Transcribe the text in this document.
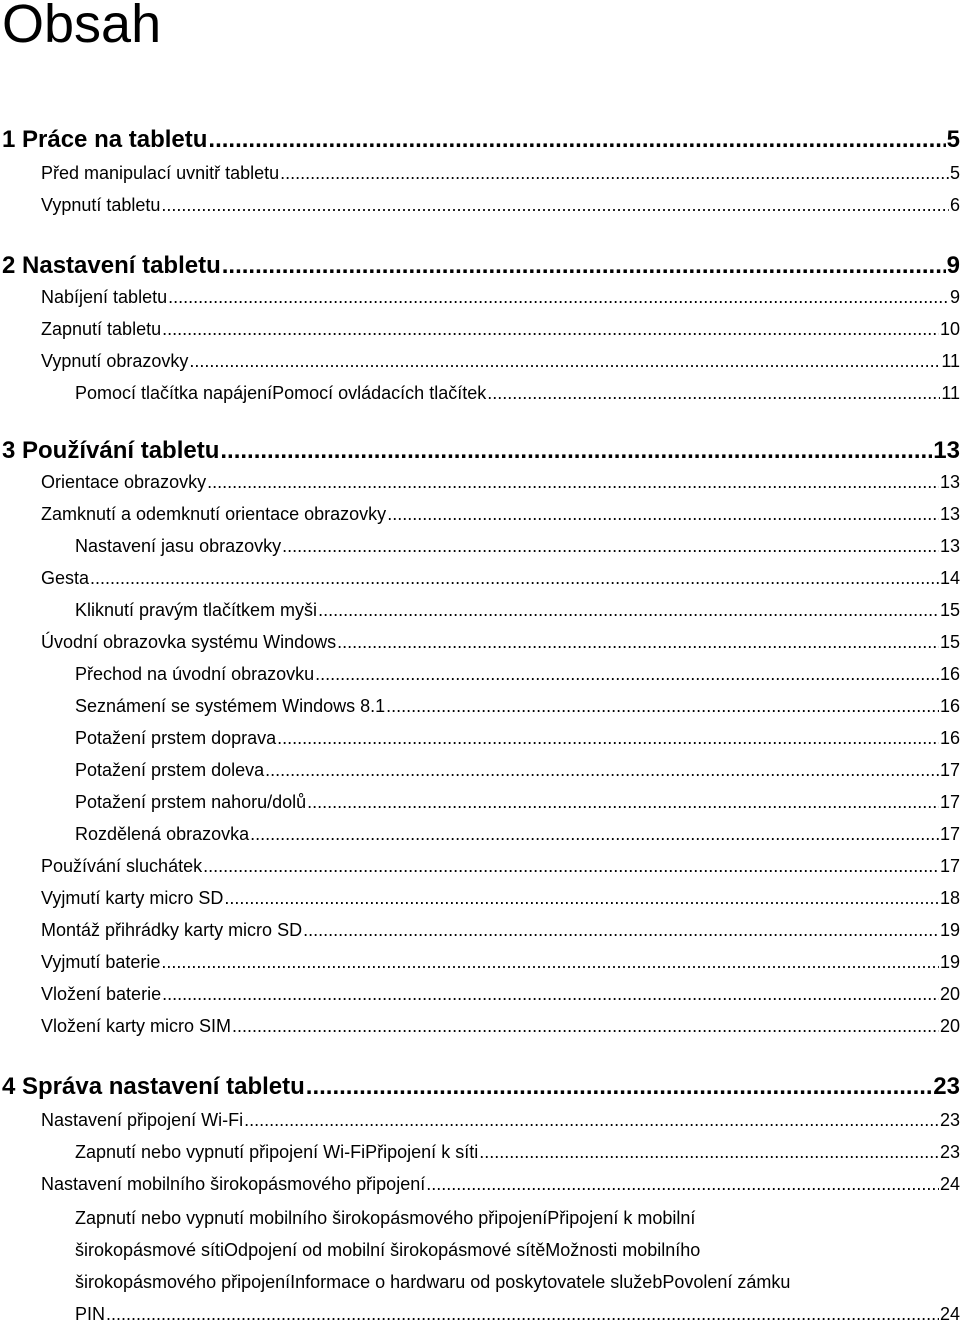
Obsah
1 Práce na tabletu .....	5
Před manipulací uvnitř tabletu .....	5
Vypnutí tabletu .....	6
2 Nastavení tabletu .....	9
Nabíjení tabletu .....	9
Zapnutí tabletu .....	10
Vypnutí obrazovky .....	11
Pomocí tlačítka napájeníPomocí ovládacích tlačítek .....	11
3 Používání tabletu .....	13
Orientace obrazovky .....	13
Zamknutí a odemknutí orientace obrazovky .....	13
Nastavení jasu obrazovky .....	13
Gesta .....	14
Kliknutí pravým tlačítkem myši .....	15
Úvodní obrazovka systému Windows .....	15
Přechod na úvodní obrazovku .....	16
Seznámení se systémem Windows 8.1 .....	16
Potažení prstem doprava .....	16
Potažení prstem doleva .....	17
Potažení prstem nahoru/dolů .....	17
Rozdělená obrazovka .....	17
Používání sluchátek .....	17
Vyjmutí karty micro SD .....	18
Montáž přihrádky karty micro SD .....	19
Vyjmutí baterie .....	19
Vložení baterie .....	20
Vložení karty micro SIM .....	20
4 Správa nastavení tabletu .....	23
Nastavení připojení Wi-Fi .....	23
Zapnutí nebo vypnutí připojení Wi-FiPřipojení k síti .....	23
Nastavení mobilního širokopásmového připojení .....	24
Zapnutí nebo vypnutí mobilního širokopásmového připojeníPřipojení k mobilní
širokopásmové sítiOdpojení od mobilní širokopásmové sítěMožnosti mobilního
širokopásmového připojeníInformace o hardwaru od poskytovatele služebPovolení zámku
PIN .....	24
